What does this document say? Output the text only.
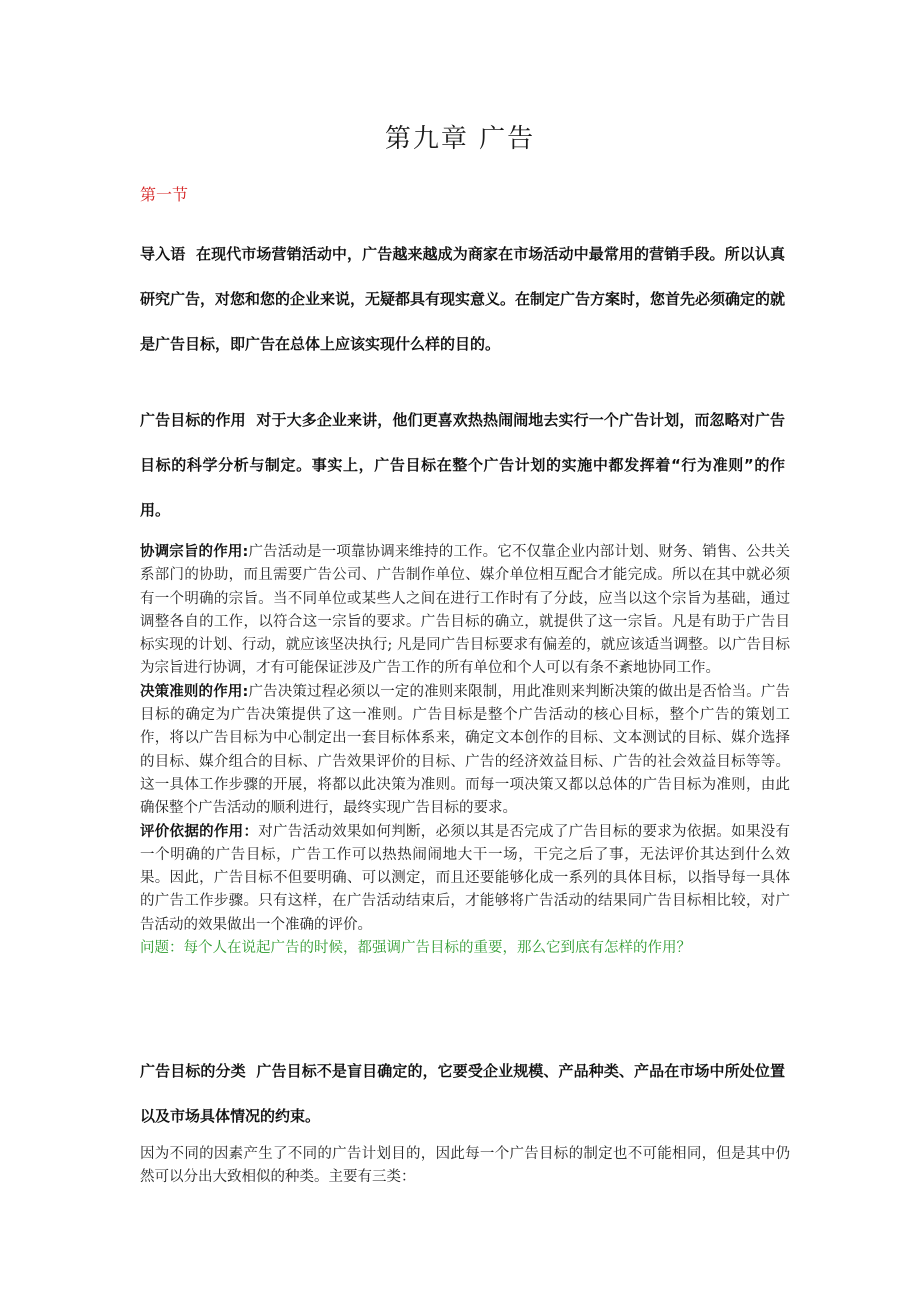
第九章 广告
第一节
导入语 在现代市场营销活动中，广告越来越成为商家在市场活动中最常用的营销手段。所以认真研究广告，对您和您的企业来说，无疑都具有现实意义。在制定广告方案时，您首先必须确定的就是广告目标，即广告在总体上应该实现什么样的目的。
广告目标的作用 对于大多企业来讲，他们更喜欢热热闹闹地去实行一个广告计划，而忽略对广告目标的科学分析与制定。事实上，广告目标在整个广告计划的实施中都发挥着“行为准则”的作用。

协调宗旨的作用:广告活动是一项靠协调来维持的工作。它不仅靠企业内部计划、财务、销售、公共关系部门的协助，而且需要广告公司、广告制作单位、媒介单位相互配合才能完成。所以在其中就必须有一个明确的宗旨。当不同单位或某些人之间在进行工作时有了分歧，应当以这个宗旨为基础，通过调整各自的工作，以符合这一宗旨的要求。广告目标的确立，就提供了这一宗旨。凡是有助于广告目标实现的计划、行动，就应该坚决执行; 凡是同广告目标要求有偏差的，就应该适当调整。以广告目标为宗旨进行协调，才有可能保证涉及广告工作的所有单位和个人可以有条不紊地协同工作。

决策准则的作用:广告决策过程必须以一定的准则来限制，用此准则来判断决策的做出是否恰当。广告目标的确定为广告决策提供了这一准则。广告目标是整个广告活动的核心目标，整个广告的策划工作，将以广告目标为中心制定出一套目标体系来，确定文本创作的目标、文本测试的目标、媒介选择的目标、媒介组合的目标、广告效果评价的目标、广告的经济效益目标、广告的社会效益目标等等。这一具体工作步骤的开展，将都以此决策为准则。而每一项决策又都以总体的广告目标为准则，由此确保整个广告活动的顺利进行，最终实现广告目标的要求。

评价依据的作用：对广告活动效果如何判断，必须以其是否完成了广告目标的要求为依据。如果没有一个明确的广告目标，广告工作可以热热闹闹地大干一场，干完之后了事，无法评价其达到什么效果。因此，广告目标不但要明确、可以测定，而且还要能够化成一系列的具体目标，以指导每一具体的广告工作步骤。只有这样，在广告活动结束后，才能够将广告活动的结果同广告目标相比较，对广告活动的效果做出一个准确的评价。

问题：每个人在说起广告的时候，都强调广告目标的重要，那么它到底有怎样的作用？

广告目标的分类 广告目标不是盲目确定的，它要受企业规模、产品种类、产品在市场中所处位置以及市场具体情况的约束。

因为不同的因素产生了不同的广告计划目的，因此每一个广告目标的制定也不可能相同，但是其中仍然可以分出大致相似的种类。主要有三类：
